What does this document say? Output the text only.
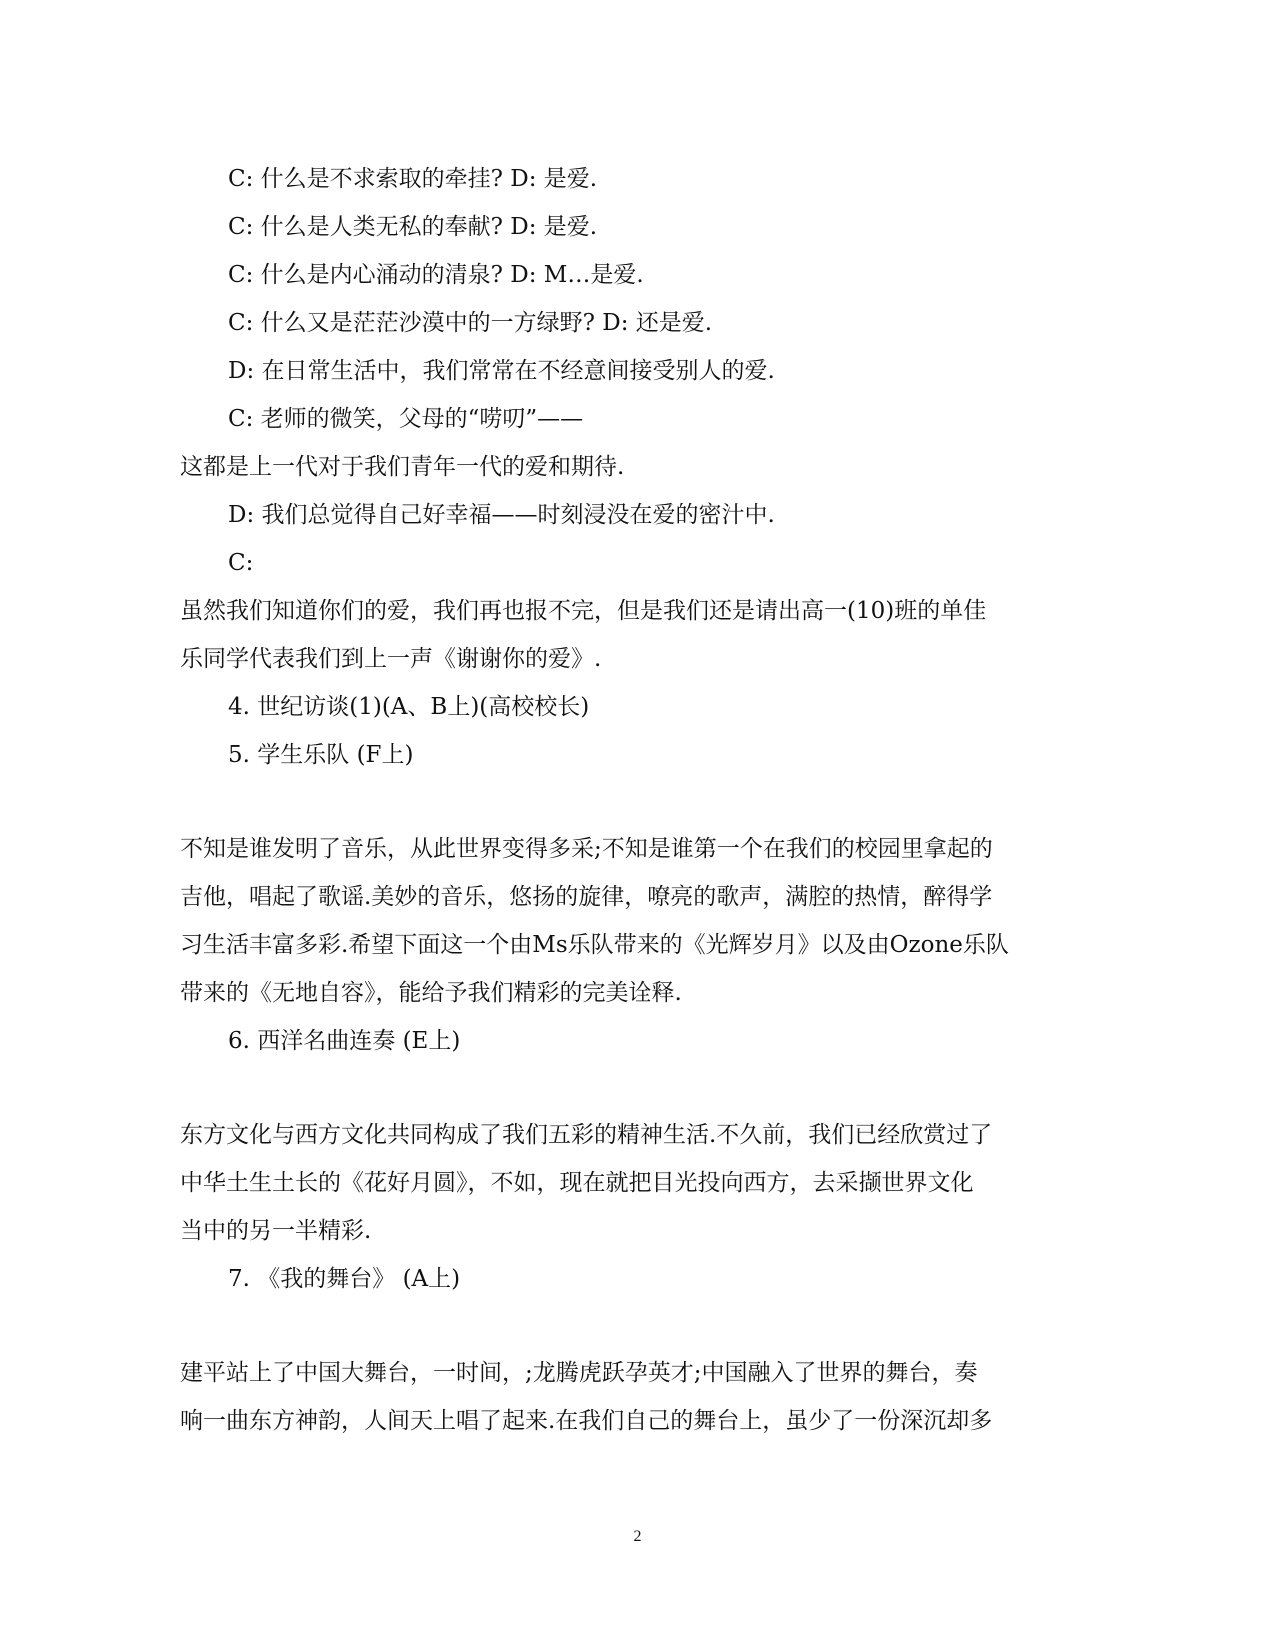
C: 什么是不求索取的牵挂? D: 是爱.
C: 什么是人类无私的奉献? D: 是爱.
C: 什么是内心涌动的清泉? D: M…是爱.
C: 什么又是茫茫沙漠中的一方绿野? D: 还是爱.
D: 在日常生活中，我们常常在不经意间接受别人的爱.
C: 老师的微笑，父母的“唠叨”——
这都是上一代对于我们青年一代的爱和期待.
D: 我们总觉得自己好幸福——时刻浸没在爱的密汁中.
C:
虽然我们知道你们的爱，我们再也报不完，但是我们还是请出高一(10)班的单佳
乐同学代表我们到上一声《谢谢你的爱》.
4. 世纪访谈(1)(A、B上)(高校校长)
5. 学生乐队 (F上)
不知是谁发明了音乐，从此世界变得多采;不知是谁第一个在我们的校园里拿起的
吉他，唱起了歌谣.美妙的音乐，悠扬的旋律，嘹亮的歌声，满腔的热情，醉得学
习生活丰富多彩.希望下面这一个由Ms乐队带来的《光辉岁月》以及由Ozone乐队
带来的《无地自容》，能给予我们精彩的完美诠释.
6. 西洋名曲连奏 (E上)
东方文化与西方文化共同构成了我们五彩的精神生活.不久前，我们已经欣赏过了
中华土生土长的《花好月圆》，不如，现在就把目光投向西方，去采撷世界文化
当中的另一半精彩.
7. 《我的舞台》 (A上)
建平站上了中国大舞台，一时间，;龙腾虎跃孕英才;中国融入了世界的舞台，奏
响一曲东方神韵，人间天上唱了起来.在我们自己的舞台上，虽少了一份深沉却多
2
